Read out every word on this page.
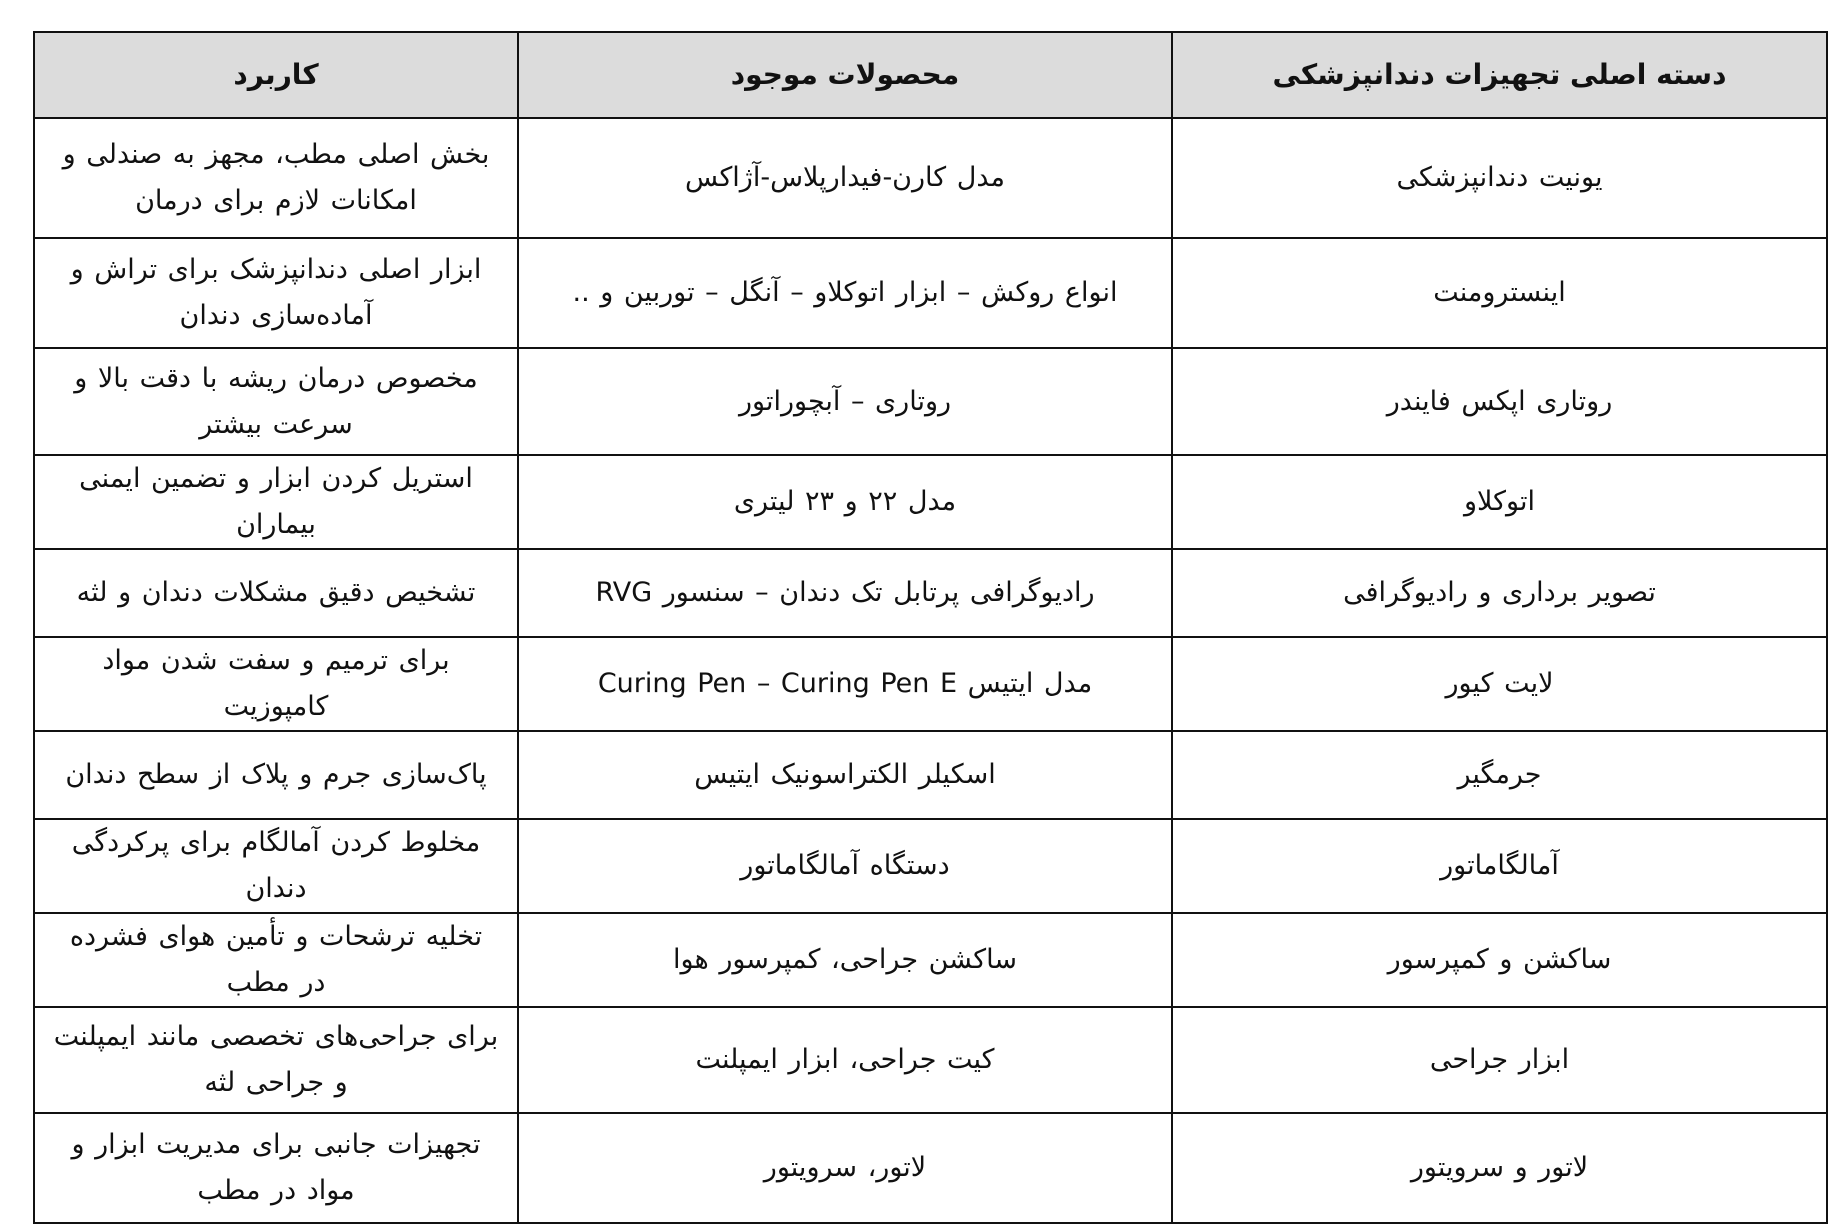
دسته اصلی تجهیزات دندانپزشکی	محصولات موجود	کاربرد
یونیت دندانپزشکی	مدل کارن-فیدارپلاس-آژاکس	بخش اصلی مطب، مجهز به صندلی و امکانات لازم برای درمان
اینسترومنت	انواع روکش – ابزار اتوکلاو – آنگل – توربین و ..	ابزار اصلی دندانپزشک برای تراش و آماده‌سازی دندان
روتاری اپکس فایندر	روتاری – آبچوراتور	مخصوص درمان ریشه با دقت بالا و سرعت بیشتر
اتوکلاو	مدل ۲۲ و ۲۳ لیتری	استریل کردن ابزار و تضمین ایمنی بیماران
تصویر برداری و رادیوگرافی	رادیوگرافی پرتابل تک دندان – سنسور RVG	تشخیص دقیق مشکلات دندان و لثه
لایت کیور	مدل ایتیس Curing Pen – Curing Pen E	برای ترمیم و سفت شدن مواد کامپوزیت
جرمگیر	اسکیلر الکتراسونیک ایتیس	پاک‌سازی جرم و پلاک از سطح دندان
آمالگاماتور	دستگاه آمالگاماتور	مخلوط کردن آمالگام برای پرکردگی دندان
ساکشن و کمپرسور	ساکشن جراحی، کمپرسور هوا	تخلیه ترشحات و تأمین هوای فشرده در مطب
ابزار جراحی	کیت جراحی، ابزار ایمپلنت	برای جراحی‌های تخصصی مانند ایمپلنت و جراحی لثه
لاتور و سرویتور	لاتور، سرویتور	تجهیزات جانبی برای مدیریت ابزار و مواد در مطب
